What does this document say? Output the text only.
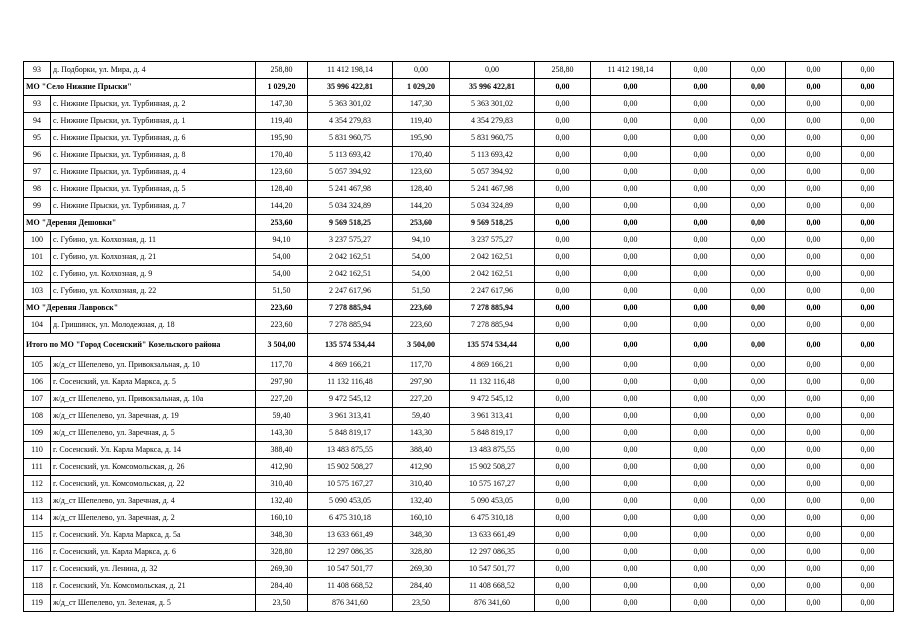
93	д. Подборки, ул. Мира, д. 4	258,80	11 412 198,14	0,00	0,00	258,80	11 412 198,14	0,00	0,00	0,00	0,00
МО "Село Нижние Прыски"		1 029,20	35 996 422,81	1 029,20	35 996 422,81	0,00	0,00	0,00	0,00	0,00	0,00
93	с. Нижние Прыски, ул. Турбинная, д. 2	147,30	5 363 301,02	147,30	5 363 301,02	0,00	0,00	0,00	0,00	0,00	0,00
94	с. Нижние Прыски, ул. Турбинная, д. 1	119,40	4 354 279,83	119,40	4 354 279,83	0,00	0,00	0,00	0,00	0,00	0,00
95	с. Нижние Прыски, ул. Турбинная, д. 6	195,90	5 831 960,75	195,90	5 831 960,75	0,00	0,00	0,00	0,00	0,00	0,00
96	с. Нижние Прыски, ул. Турбинная, д. 8	170,40	5 113 693,42	170,40	5 113 693,42	0,00	0,00	0,00	0,00	0,00	0,00
97	с. Нижние Прыски, ул. Турбинная, д. 4	123,60	5 057 394,92	123,60	5 057 394,92	0,00	0,00	0,00	0,00	0,00	0,00
98	с. Нижние Прыски, ул. Турбинная, д. 5	128,40	5 241 467,98	128,40	5 241 467,98	0,00	0,00	0,00	0,00	0,00	0,00
99	с. Нижние Прыски, ул. Турбинная, д. 7	144,20	5 034 324,89	144,20	5 034 324,89	0,00	0,00	0,00	0,00	0,00	0,00
МО "Деревня Дешовки"		253,60	9 569 518,25	253,60	9 569 518,25	0,00	0,00	0,00	0,00	0,00	0,00
100	с. Губино, ул. Колхозная, д. 11	94,10	3 237 575,27	94,10	3 237 575,27	0,00	0,00	0,00	0,00	0,00	0,00
101	с. Губино, ул. Колхозная, д. 21	54,00	2 042 162,51	54,00	2 042 162,51	0,00	0,00	0,00	0,00	0,00	0,00
102	с. Губино, ул. Колхозная, д. 9	54,00	2 042 162,51	54,00	2 042 162,51	0,00	0,00	0,00	0,00	0,00	0,00
103	с. Губино, ул. Колхозная, д. 22	51,50	2 247 617,96	51,50	2 247 617,96	0,00	0,00	0,00	0,00	0,00	0,00
МО "Деревня Лавровск"		223,60	7 278 885,94	223,60	7 278 885,94	0,00	0,00	0,00	0,00	0,00	0,00
104	д. Гришинск, ул. Молодежная, д. 18	223,60	7 278 885,94	223,60	7 278 885,94	0,00	0,00	0,00	0,00	0,00	0,00
Итого по МО "Город Сосенский" Козельского района		3 504,00	135 574 534,44	3 504,00	135 574 534,44	0,00	0,00	0,00	0,00	0,00	0,00
105	ж/д_ст Шепелево, ул. Привокзальная, д. 10	117,70	4 869 166,21	117,70	4 869 166,21	0,00	0,00	0,00	0,00	0,00	0,00
106	г. Сосенский, ул. Карла Маркса, д. 5	297,90	11 132 116,48	297,90	11 132 116,48	0,00	0,00	0,00	0,00	0,00	0,00
107	ж/д_ст Шепелево, ул. Привокзальная, д. 10а	227,20	9 472 545,12	227,20	9 472 545,12	0,00	0,00	0,00	0,00	0,00	0,00
108	ж/д_ст Шепелево, ул. Заречная, д. 19	59,40	3 961 313,41	59,40	3 961 313,41	0,00	0,00	0,00	0,00	0,00	0,00
109	ж/д_ст Шепелево, ул. Заречная, д. 5	143,30	5 848 819,17	143,30	5 848 819,17	0,00	0,00	0,00	0,00	0,00	0,00
110	г. Сосенский. Ул. Карла Маркса, д. 14	388,40	13 483 875,55	388,40	13 483 875,55	0,00	0,00	0,00	0,00	0,00	0,00
111	г. Сосенский, ул. Комсомольская, д. 26	412,90	15 902 508,27	412,90	15 902 508,27	0,00	0,00	0,00	0,00	0,00	0,00
112	г. Сосенский, ул. Комсомольская, д. 22	310,40	10 575 167,27	310,40	10 575 167,27	0,00	0,00	0,00	0,00	0,00	0,00
113	ж/д_ст Шепелево, ул. Заречная, д. 4	132,40	5 090 453,05	132,40	5 090 453,05	0,00	0,00	0,00	0,00	0,00	0,00
114	ж/д_ст Шепелево, ул. Заречная, д. 2	160,10	6 475 310,18	160,10	6 475 310,18	0,00	0,00	0,00	0,00	0,00	0,00
115	г. Сосенский. Ул. Карла Маркса, д. 5а	348,30	13 633 661,49	348,30	13 633 661,49	0,00	0,00	0,00	0,00	0,00	0,00
116	г. Сосенский, ул. Карла Маркса, д. 6	328,80	12 297 086,35	328,80	12 297 086,35	0,00	0,00	0,00	0,00	0,00	0,00
117	г. Сосенский, ул. Ленина, д. 32	269,30	10 547 501,77	269,30	10 547 501,77	0,00	0,00	0,00	0,00	0,00	0,00
118	г. Сосенский, Ул. Комсомольская, д. 21	284,40	11 408 668,52	284,40	11 408 668,52	0,00	0,00	0,00	0,00	0,00	0,00
119	ж/д_ст Шепелево, ул. Зеленая, д. 5	23,50	876 341,60	23,50	876 341,60	0,00	0,00	0,00	0,00	0,00	0,00
